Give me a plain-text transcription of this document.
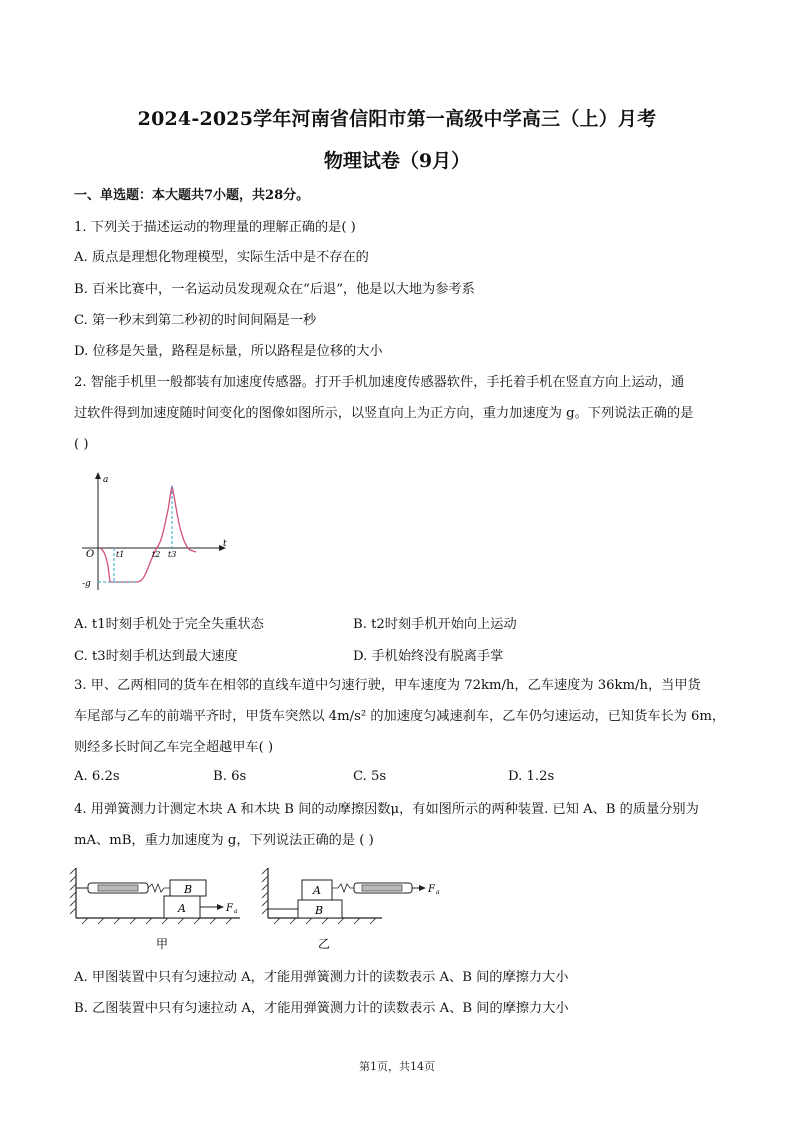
2024-2025学年河南省信阳市第一高级中学高三（上）月考
物理试卷（9月）
一、单选题：本大题共7小题，共28分。
1. 下列关于描述运动的物理量的理解正确的是( )
A. 质点是理想化物理模型，实际生活中是不存在的
B. 百米比赛中，一名运动员发现观众在“后退”，他是以大地为参考系
C. 第一秒末到第二秒初的时间间隔是一秒
D. 位移是矢量，路程是标量，所以路程是位移的大小
2. 智能手机里一般都装有加速度传感器。打开手机加速度传感器软件，手托着手机在竖直方向上运动，通
过软件得到加速度随时间变化的图像如图所示，以竖直向上为正方向，重力加速度为 g。下列说法正确的是
( )
a
t
O
-g
t1	t2 t3
A. t1时刻手机处于完全失重状态	B. t2时刻手机开始向上运动
C. t3时刻手机达到最大速度	D. 手机始终没有脱离手掌
3. 甲、乙两相同的货车在相邻的直线车道中匀速行驶，甲车速度为 72km/h，乙车速度为 36km/h，当甲货
车尾部与乙车的前端平齐时，甲货车突然以 4m/s² 的加速度匀减速刹车，乙车仍匀速运动，已知货车长为 6m，
则经多长时间乙车完全超越甲车( )
A. 6.2s	B. 6s	C. 5s	D. 1.2s
4. 用弹簧测力计测定木块 A 和木块 B 间的动摩擦因数μ，有如图所示的两种装置. 已知 A、B 的质量分别为
mA、mB，重力加速度为 g，下列说法正确的是 ( )
B
A	F a
甲
A
B
F a
乙
A. 甲图装置中只有匀速拉动 A，才能用弹簧测力计的读数表示 A、B 间的摩擦力大小
B. 乙图装置中只有匀速拉动 A，才能用弹簧测力计的读数表示 A、B 间的摩擦力大小
第1页，共14页
